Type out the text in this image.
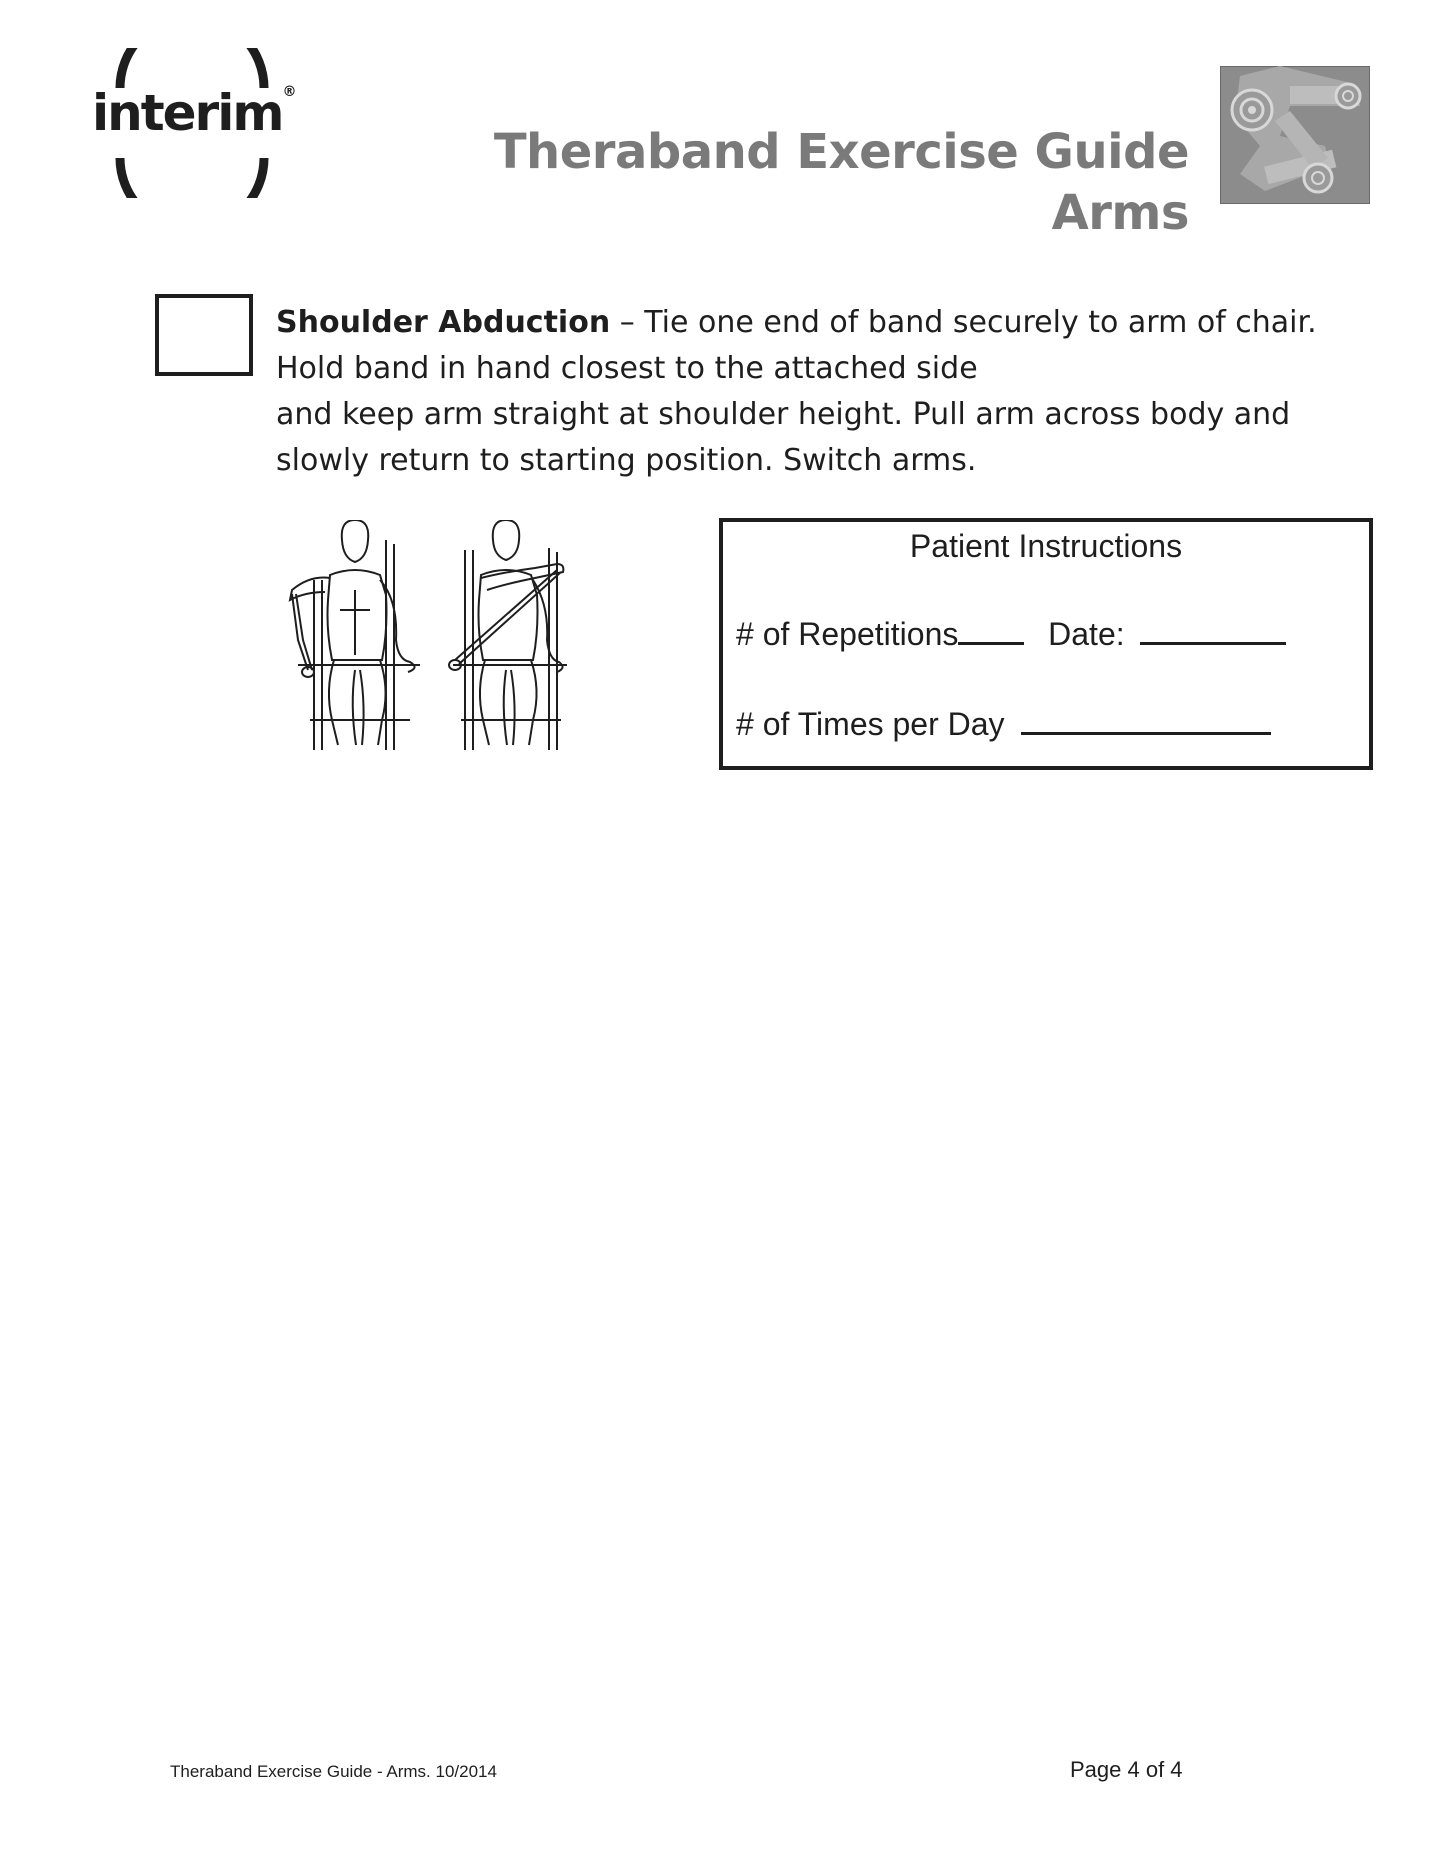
interim®
Theraband Exercise Guide
Arms
Shoulder Abduction – Tie one end of band securely to arm of chair.
Hold band in hand closest to the attached side
and keep arm straight at shoulder height. Pull arm across body and
slowly return to starting position. Switch arms.
Patient Instructions
# of Repetitions	Date:
# of Times per Day
Theraband Exercise Guide - Arms. 10/2014	Page 4 of 4
